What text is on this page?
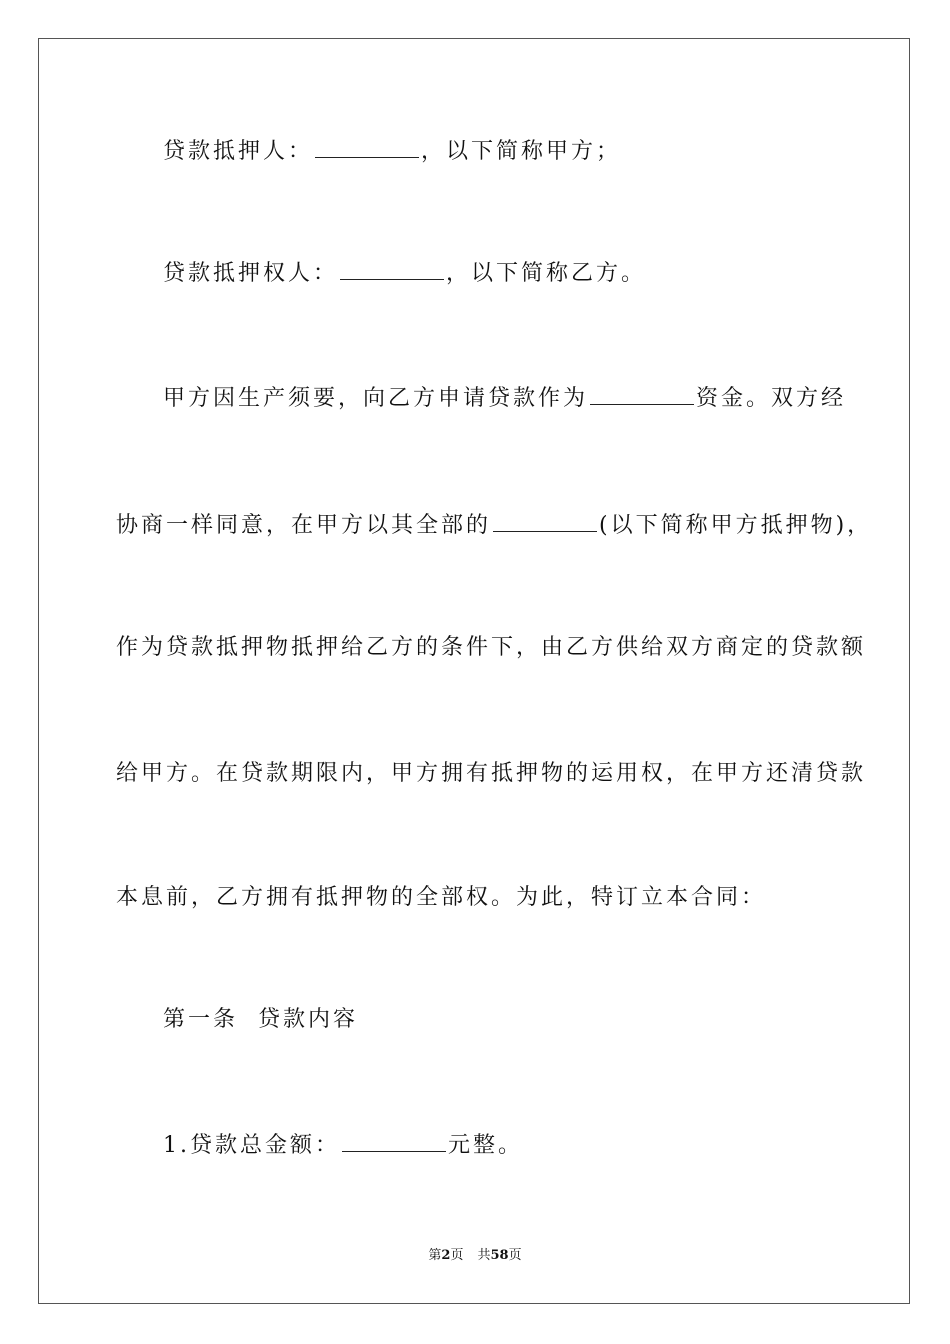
贷款抵押人：	，以下简称甲方；
贷款抵押权人：	，以下简称乙方。
甲方因生产须要，向乙方申请贷款作为	资金。双方经
协商一样同意，在甲方以其全部的	(以下简称甲方抵押物)，
作为贷款抵押物抵押给乙方的条件下，由乙方供给双方商定的贷款额
给甲方。在贷款期限内，甲方拥有抵押物的运用权，在甲方还清贷款
本息前，乙方拥有抵押物的全部权。为此，特订立本合同：
第一条  贷款内容
1.贷款总金额：	元整。
第2页 共58页
